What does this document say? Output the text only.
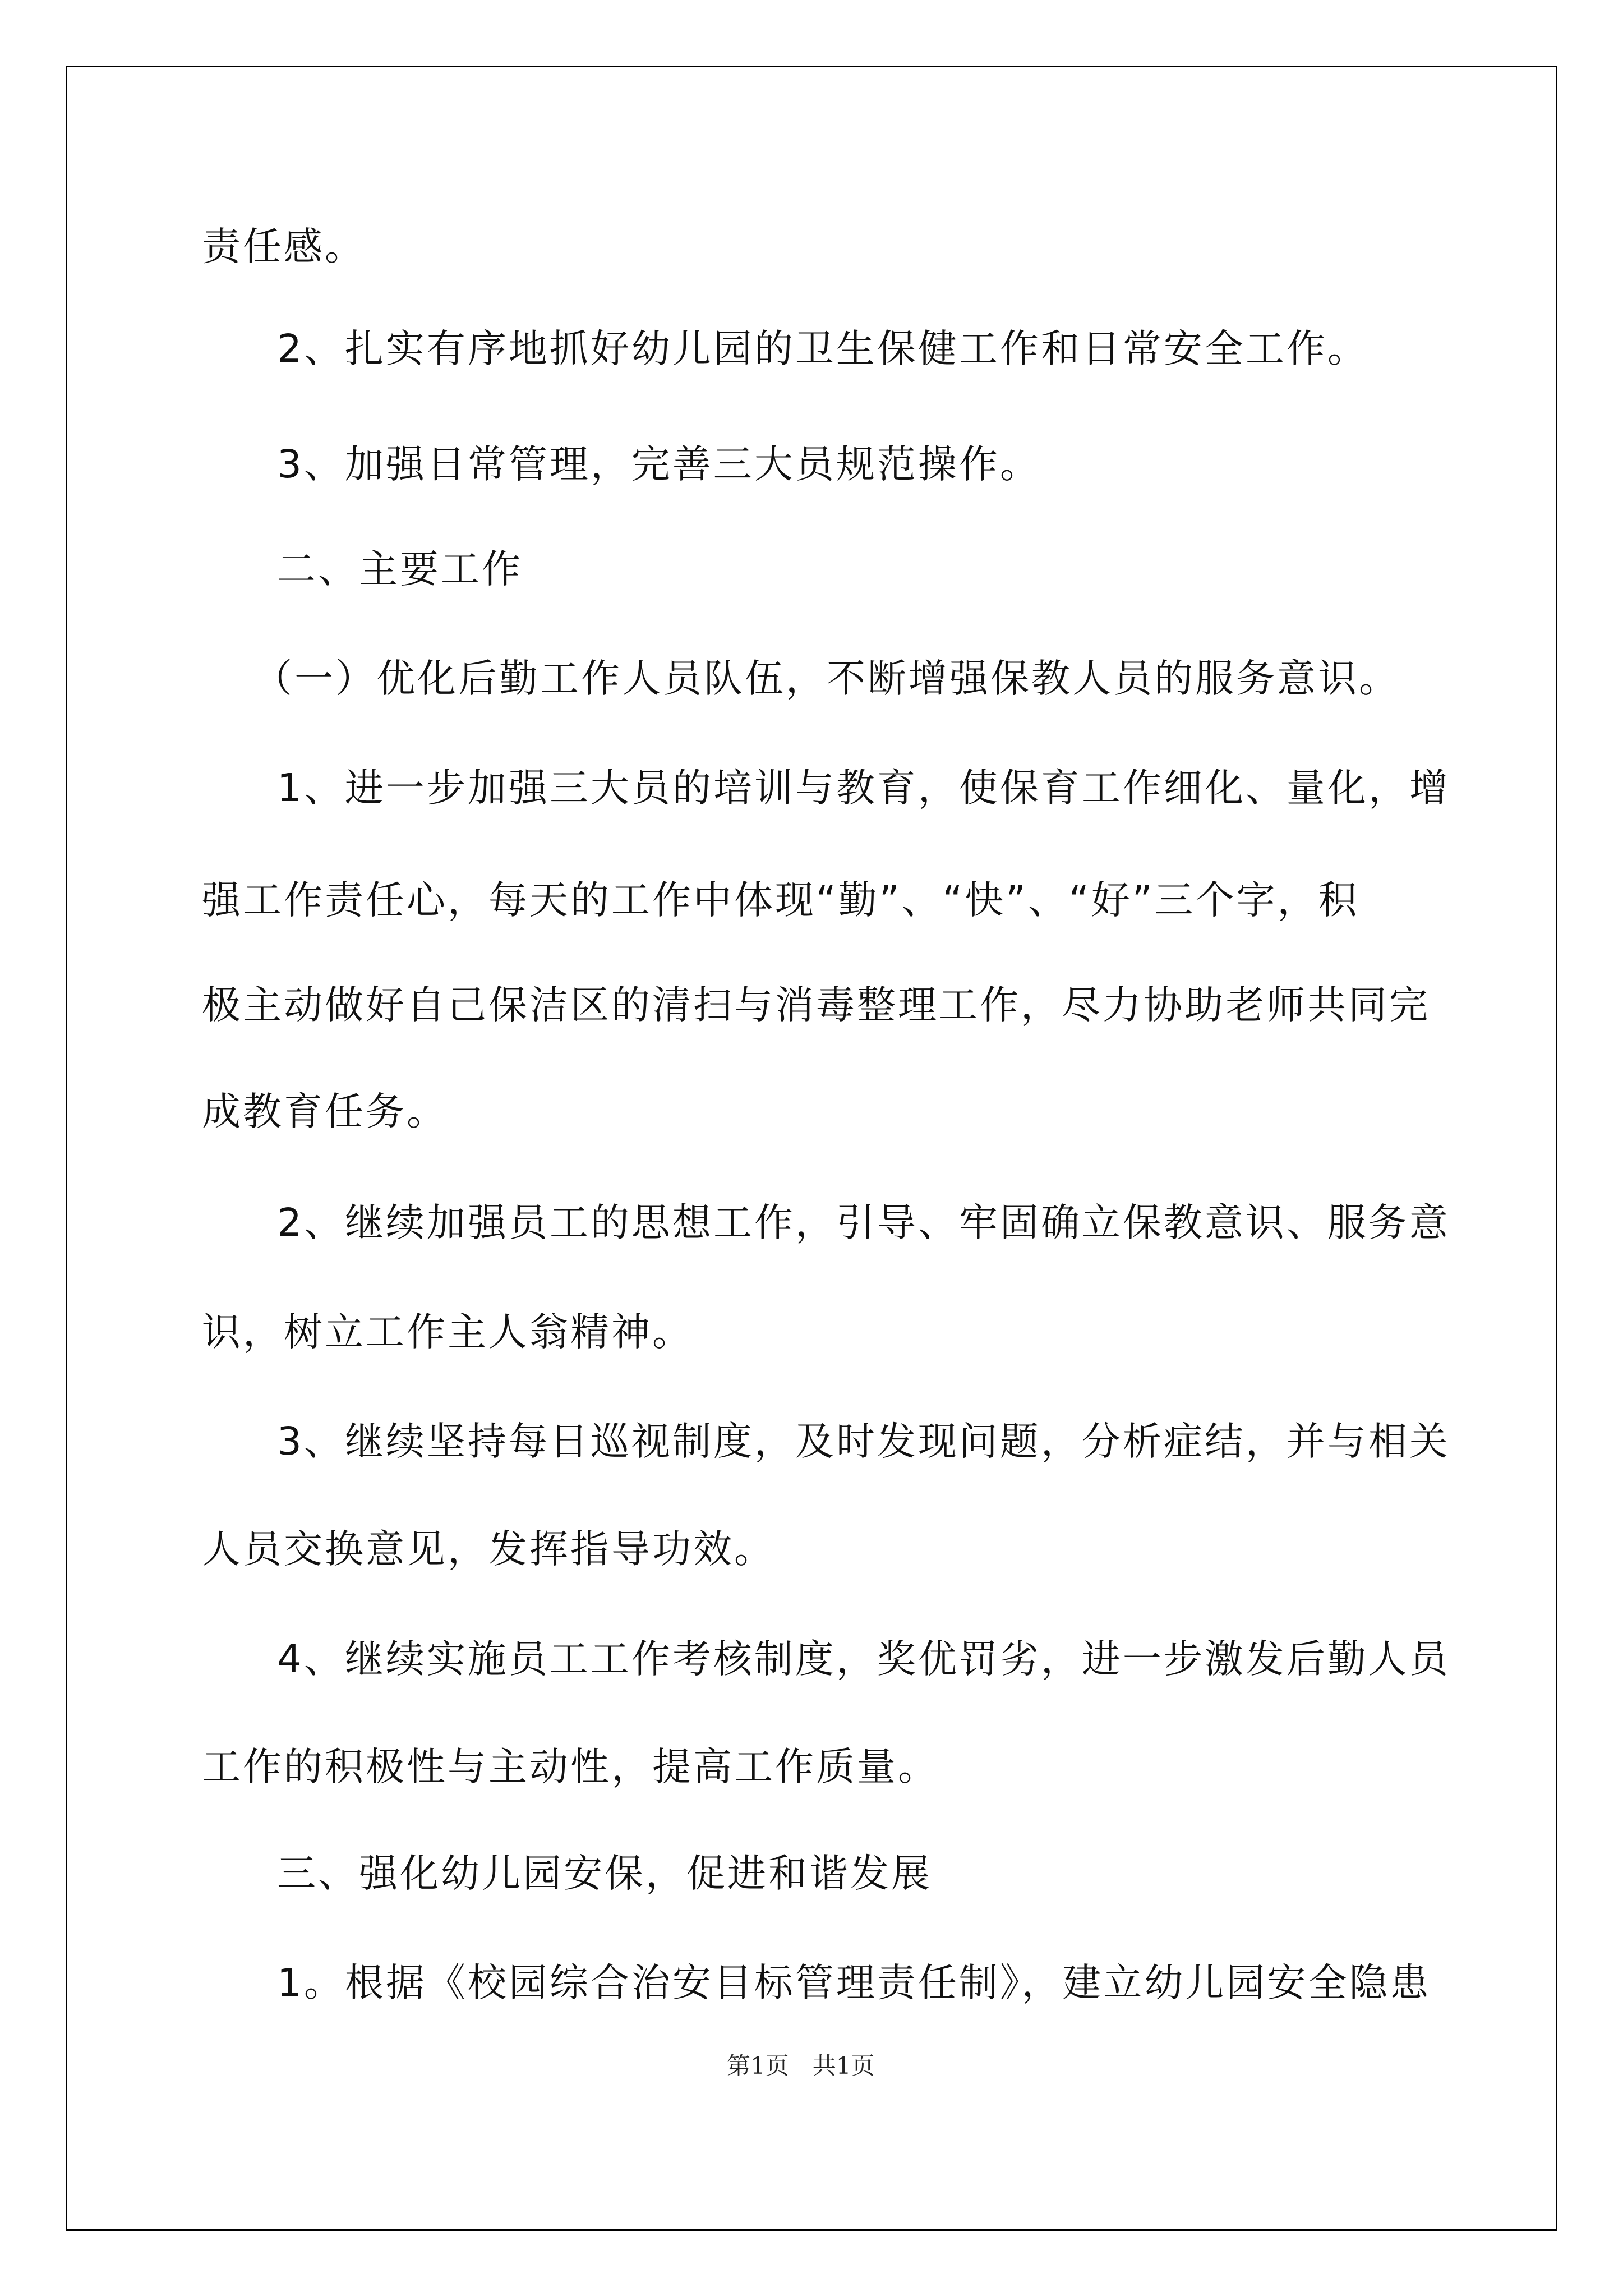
责任感。
2、扎实有序地抓好幼儿园的卫生保健工作和日常安全工作。
3、加强日常管理，完善三大员规范操作。
二、主要工作
（一）优化后勤工作人员队伍，不断增强保教人员的服务意识。
1、进一步加强三大员的培训与教育，使保育工作细化、量化，增
强工作责任心，每天的工作中体现“勤”、“快”、“好”三个字，积
极主动做好自己保洁区的清扫与消毒整理工作，尽力协助老师共同完
成教育任务。
2、继续加强员工的思想工作，引导、牢固确立保教意识、服务意
识，树立工作主人翁精神。
3、继续坚持每日巡视制度，及时发现问题，分析症结，并与相关
人员交换意见，发挥指导功效。
4、继续实施员工工作考核制度，奖优罚劣，进一步激发后勤人员
工作的积极性与主动性，提高工作质量。
三、强化幼儿园安保，促进和谐发展
1。根据《校园综合治安目标管理责任制》，建立幼儿园安全隐患
第1页　共1页
